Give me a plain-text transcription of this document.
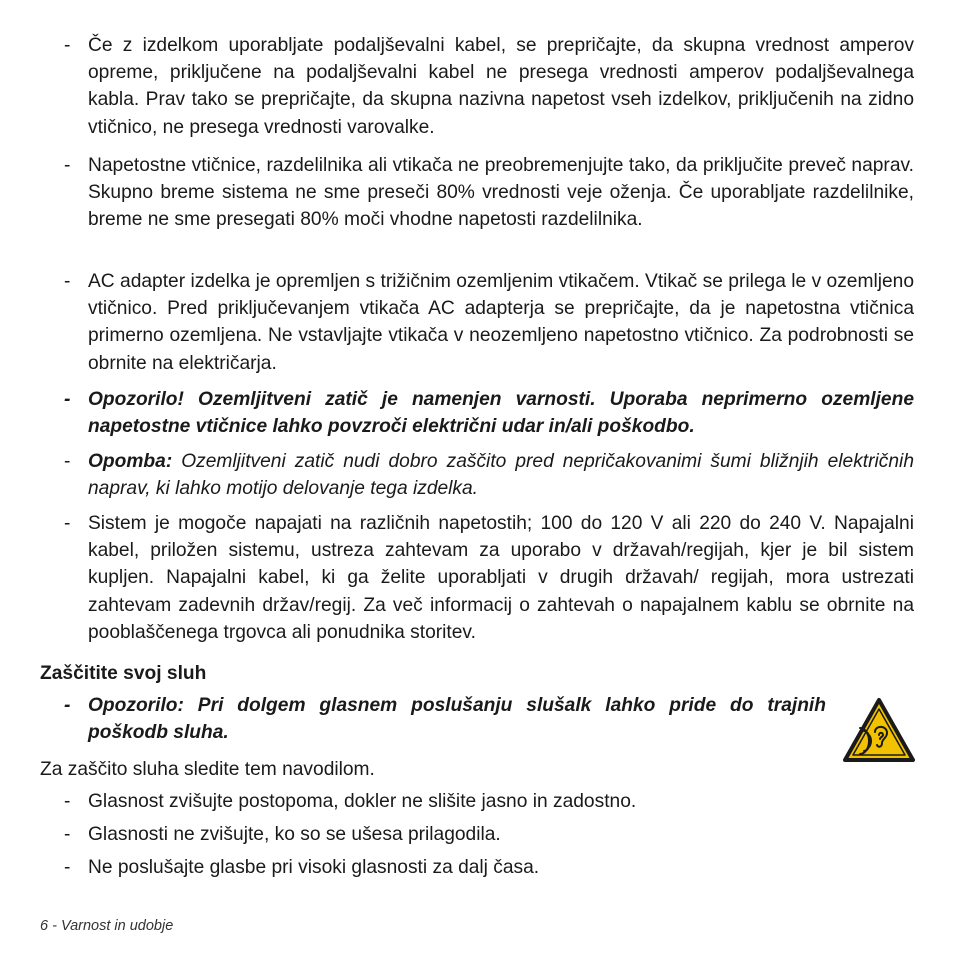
- Če z izdelkom uporabljate podaljševalni kabel, se prepričajte, da skupna vrednost amperov opreme, priključene na podaljševalni kabel ne presega vrednosti amperov podaljševalnega kabla. Prav tako se prepričajte, da skupna nazivna napetost vseh izdelkov, priključenih na zidno vtičnico, ne presega vrednosti varovalke.
- Napetostne vtičnice, razdelilnika ali vtikača ne preobremenjujte tako, da priključite preveč naprav. Skupno breme sistema ne sme preseči 80% vrednosti veje oženja. Če uporabljate razdelilnike, breme ne sme presegati 80% moči vhodne napetosti razdelilnika.
- AC adapter izdelka je opremljen s trižičnim ozemljenim vtikačem. Vtikač se prilega le v ozemljeno vtičnico. Pred priključevanjem vtikača AC adapterja se prepričajte, da je napetostna vtičnica primerno ozemljena. Ne vstavljajte vtikača v neozemljeno napetostno vtičnico. Za podrobnosti se obrnite na električarja.
- Opozorilo! Ozemljitveni zatič je namenjen varnosti. Uporaba neprimerno ozemljene napetostne vtičnice lahko povzroči električni udar in/ali poškodbo.
- Opomba: Ozemljitveni zatič nudi dobro zaščito pred nepričakovanimi šumi bližnjih električnih naprav, ki lahko motijo delovanje tega izdelka.
- Sistem je mogoče napajati na različnih napetostih; 100 do 120 V ali 220 do 240 V. Napajalni kabel, priložen sistemu, ustreza zahtevam za uporabo v državah/regijah, kjer je bil sistem kupljen. Napajalni kabel, ki ga želite uporabljati v drugih državah/ regijah, mora ustrezati zahtevam zadevnih držav/regij. Za več informacij o zahtevah o napajalnem kablu se obrnite na pooblaščenega trgovca ali ponudnika storitev.
Zaščitite svoj sluh
- Opozorilo: Pri dolgem glasnem poslušanju slušalk lahko pride do trajnih poškodb sluha.
Za zaščito sluha sledite tem navodilom.
- Glasnost zvišujte postopoma, dokler ne slišite jasno in zadostno.
- Glasnosti ne zvišujte, ko so se ušesa prilagodila.
- Ne poslušajte glasbe pri visoki glasnosti za dalj časa.
6 - Varnost in udobje
